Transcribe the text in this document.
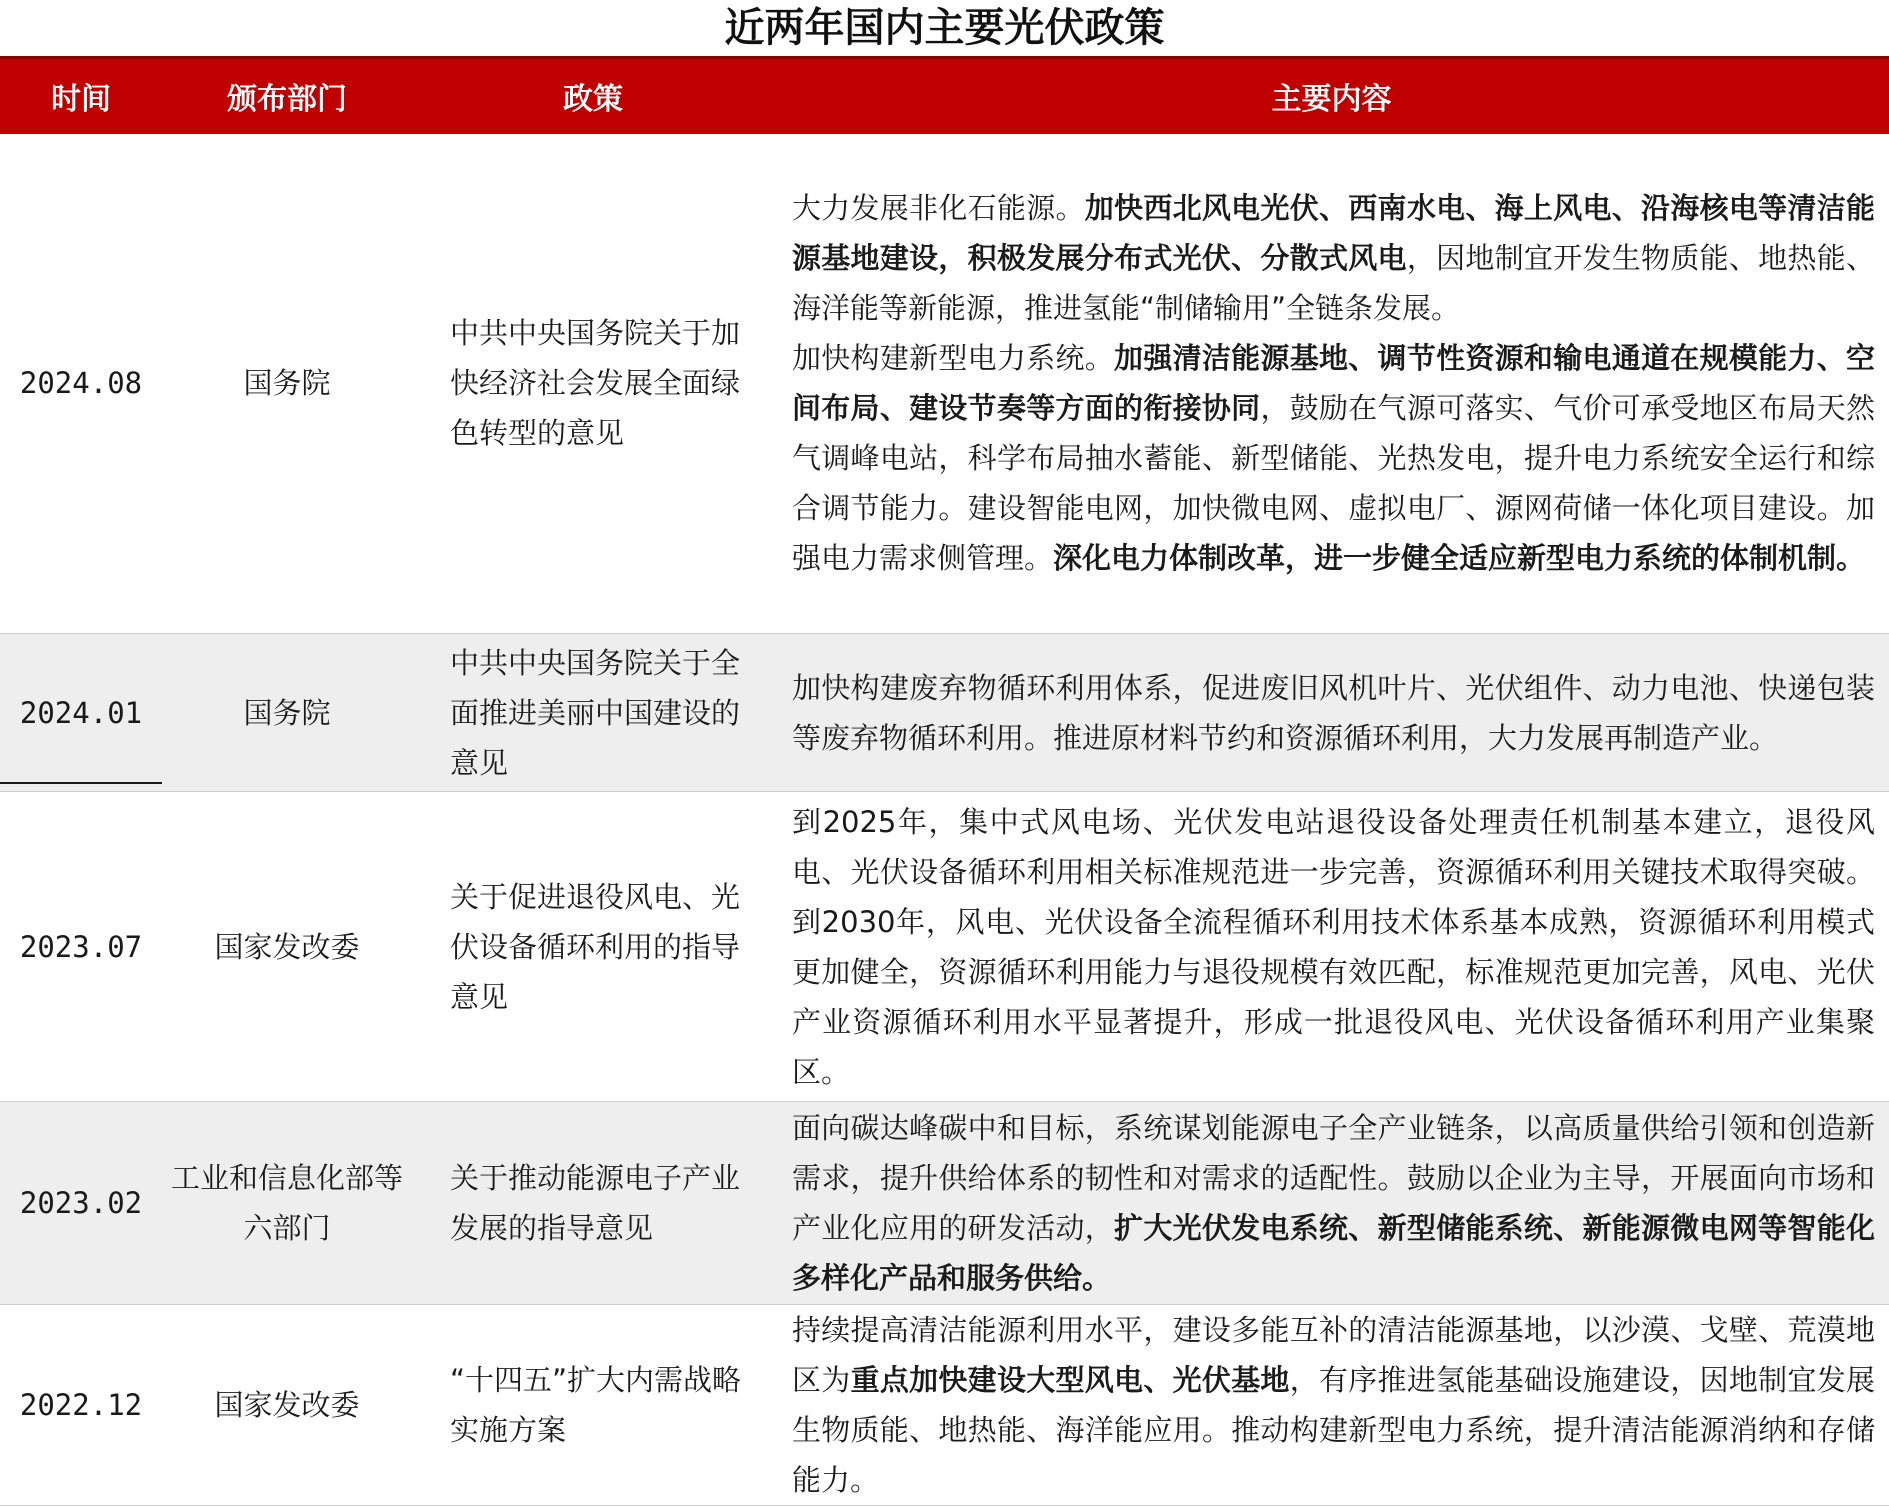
近两年国内主要光伏政策
时间	颁布部门	政策	主要内容
2024.08	国务院	中共中央国务院关于加快经济社会发展全面绿色转型的意见	大力发展非化石能源。加快西北风电光伏、西南水电、海上风电、沿海核电等清洁能源基地建设，积极发展分布式光伏、分散式风电，因地制宜开发生物质能、地热能、海洋能等新能源，推进氢能“制储输用”全链条发展。
加快构建新型电力系统。加强清洁能源基地、调节性资源和输电通道在规模能力、空间布局、建设节奏等方面的衔接协同，鼓励在气源可落实、气价可承受地区布局天然气调峰电站，科学布局抽水蓄能、新型储能、光热发电，提升电力系统安全运行和综合调节能力。建设智能电网，加快微电网、虚拟电厂、源网荷储一体化项目建设。加强电力需求侧管理。深化电力体制改革，进一步健全适应新型电力系统的体制机制。
2024.01	国务院	中共中央国务院关于全面推进美丽中国建设的意见	加快构建废弃物循环利用体系，促进废旧风机叶片、光伏组件、动力电池、快递包装等废弃物循环利用。推进原材料节约和资源循环利用，大力发展再制造产业。
2023.07	国家发改委	关于促进退役风电、光伏设备循环利用的指导意见	到2025年，集中式风电场、光伏发电站退役设备处理责任机制基本建立，退役风电、光伏设备循环利用相关标准规范进一步完善，资源循环利用关键技术取得突破。到2030年，风电、光伏设备全流程循环利用技术体系基本成熟，资源循环利用模式更加健全，资源循环利用能力与退役规模有效匹配，标准规范更加完善，风电、光伏产业资源循环利用水平显著提升，形成一批退役风电、光伏设备循环利用产业集聚区。
2023.02	工业和信息化部等六部门	关于推动能源电子产业发展的指导意见	面向碳达峰碳中和目标，系统谋划能源电子全产业链条，以高质量供给引领和创造新需求，提升供给体系的韧性和对需求的适配性。鼓励以企业为主导，开展面向市场和产业化应用的研发活动，扩大光伏发电系统、新型储能系统、新能源微电网等智能化多样化产品和服务供给。
2022.12	国家发改委	“十四五”扩大内需战略实施方案	持续提高清洁能源利用水平，建设多能互补的清洁能源基地，以沙漠、戈壁、荒漠地区为重点加快建设大型风电、光伏基地，有序推进氢能基础设施建设，因地制宜发展生物质能、地热能、海洋能应用。推动构建新型电力系统，提升清洁能源消纳和存储能力。
